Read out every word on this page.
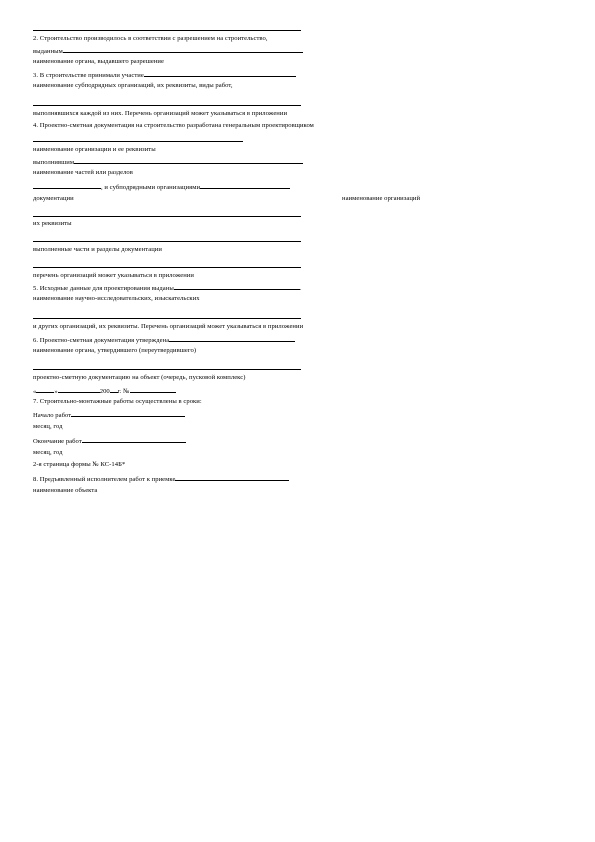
2. Строительство производилось в соответствии с разрешением на строительство,
выданным
наименование органа, выдавшего разрешение
3. В строительстве принимали участие
наименование субподрядных организаций, их реквизиты, виды работ,
выполнявшихся каждой из них. Перечень организаций может указываться в приложении
4. Проектно-сметная документация на строительство разработана генеральным проектировщиком
наименование организации и ее реквизиты
выполнившим
наименование частей или разделов
, и субподрядными организациями
документации	наименование организаций
их реквизиты
выполненные части и разделы документации
перечень организаций может указываться в приложении
5. Исходные данные для проектирования выданы	.
наименование научно-исследовательских, изыскательских
и других организаций, их реквизиты. Перечень организаций может указываться в приложении
6. Проектно-сметная документация утверждена
наименование органа, утвердившего (переутвердившего)
проектно-сметную документацию на объект (очередь, пусковой комплекс)
«	»	200 г. №
7. Строительно-монтажные работы осуществлены в сроки:
Начало работ
месяц, год
Окончание работ
месяц, год
2-я страница формы № КС-14Б*
8. Предъявленный исполнителем работ к приемке
наименование объекта
